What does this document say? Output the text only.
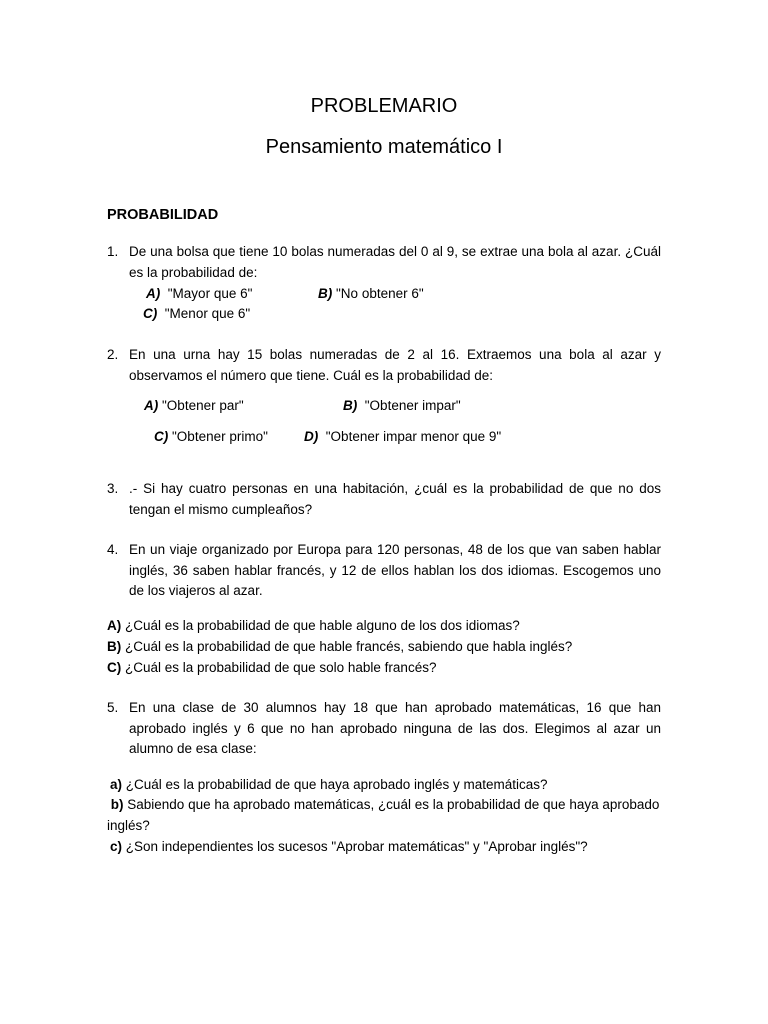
PROBLEMARIO
Pensamiento matemático I
PROBABILIDAD
1. De una bolsa que tiene 10 bolas numeradas del 0 al 9, se extrae una bola al azar. ¿Cuál es la probabilidad de:
A) "Mayor que 6"	B) "No obtener 6"
C) "Menor que 6"
2. En una urna hay 15 bolas numeradas de 2 al 16. Extraemos una bola al azar y observamos el número que tiene. Cuál es la probabilidad de:
A) "Obtener par"	B) "Obtener impar"
C) "Obtener primo"	D) "Obtener impar menor que 9"
3. .- Si hay cuatro personas en una habitación, ¿cuál es la probabilidad de que no dos tengan el mismo cumpleaños?
4. En un viaje organizado por Europa para 120 personas, 48 de los que van saben hablar inglés, 36 saben hablar francés, y 12 de ellos hablan los dos idiomas. Escogemos uno de los viajeros al azar.
A) ¿Cuál es la probabilidad de que hable alguno de los dos idiomas?
B) ¿Cuál es la probabilidad de que hable francés, sabiendo que habla inglés?
C) ¿Cuál es la probabilidad de que solo hable francés?
5. En una clase de 30 alumnos hay 18 que han aprobado matemáticas, 16 que han aprobado inglés y 6 que no han aprobado ninguna de las dos. Elegimos al azar un alumno de esa clase:
a) ¿Cuál es la probabilidad de que haya aprobado inglés y matemáticas?
b) Sabiendo que ha aprobado matemáticas, ¿cuál es la probabilidad de que haya aprobado inglés?
c) ¿Son independientes los sucesos "Aprobar matemáticas" y "Aprobar inglés"?
